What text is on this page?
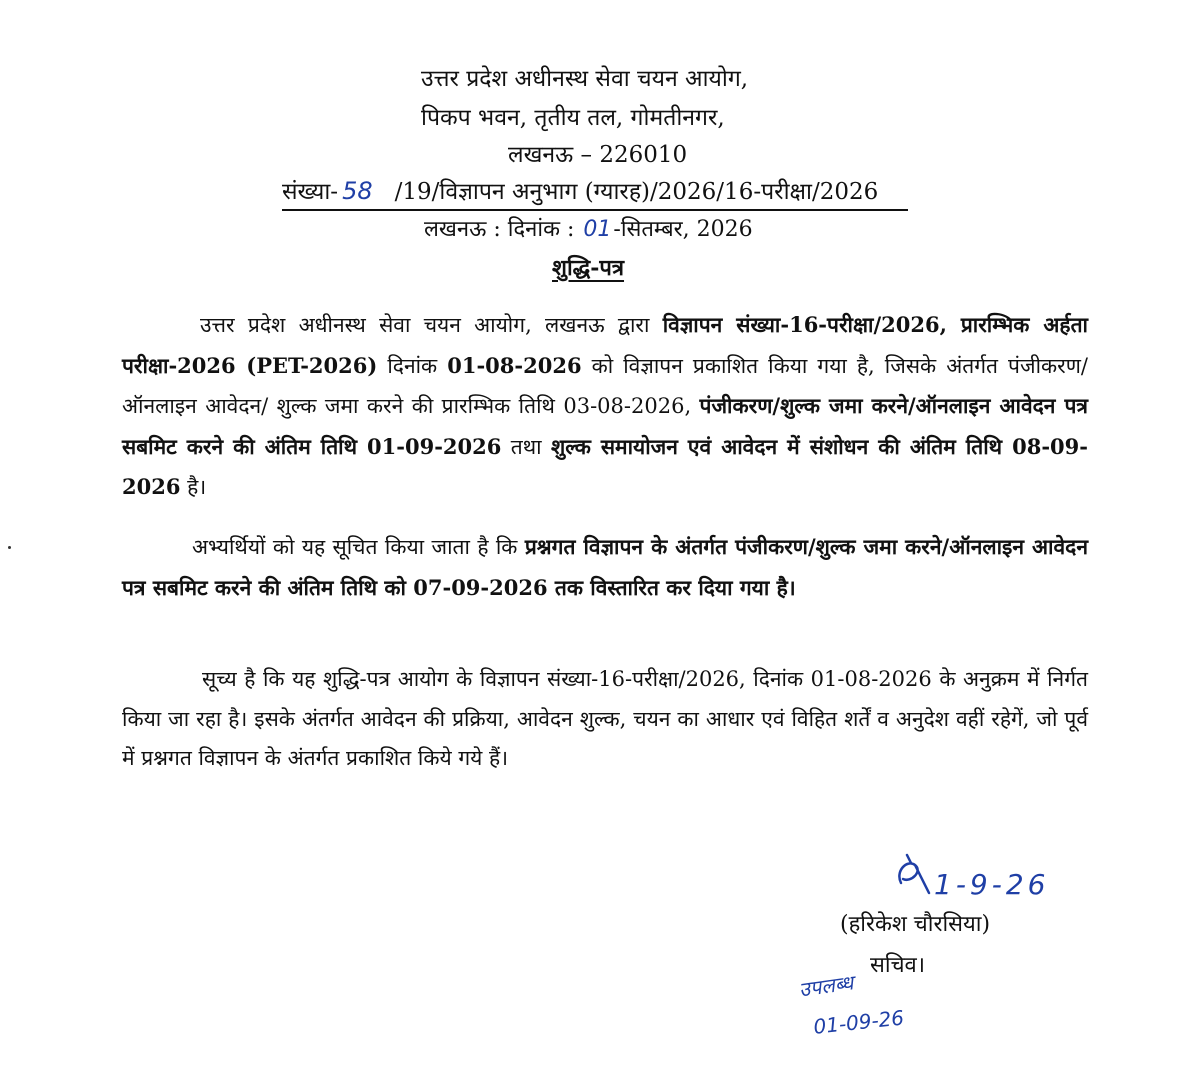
उत्तर प्रदेश अधीनस्थ सेवा चयन आयोग,
पिकप भवन, तृतीय तल, गोमतीनगर,
लखनऊ – 226010
संख्या- 58 /19/विज्ञापन अनुभाग (ग्यारह)/2026/16-परीक्षा/2026
लखनऊ : दिनांक : 01-सितम्बर, 2026
शुद्धि-पत्र

उत्तर प्रदेश अधीनस्थ सेवा चयन आयोग, लखनऊ द्वारा विज्ञापन संख्या-16-परीक्षा/2026, प्रारम्भिक अर्हता परीक्षा-2026 (PET-2026) दिनांक 01-08-2026 को विज्ञापन प्रकाशित किया गया है, जिसके अंतर्गत पंजीकरण/ऑनलाइन आवेदन/ शुल्क जमा करने की प्रारम्भिक तिथि 03-08-2026, पंजीकरण/शुल्क जमा करने/ऑनलाइन आवेदन पत्र सबमिट करने की अंतिम तिथि 01-09-2026 तथा शुल्क समायोजन एवं आवेदन में संशोधन की अंतिम तिथि 08-09-2026 है।

अभ्यर्थियों को यह सूचित किया जाता है कि प्रश्नगत विज्ञापन के अंतर्गत पंजीकरण/शुल्क जमा करने/ऑनलाइन आवेदन पत्र सबमिट करने की अंतिम तिथि को 07-09-2026 तक विस्तारित कर दिया गया है।

सूच्य है कि यह शुद्धि-पत्र आयोग के विज्ञापन संख्या-16-परीक्षा/2026, दिनांक 01-08-2026 के अनुक्रम में निर्गत किया जा रहा है। इसके अंतर्गत आवेदन की प्रक्रिया, आवेदन शुल्क, चयन का आधार एवं विहित शर्तें व अनुदेश वहीं रहेगें, जो पूर्व में प्रश्नगत विज्ञापन के अंतर्गत प्रकाशित किये गये हैं।

1-9-26
(हरिकेश चौरसिया)
सचिव।
उपलब्ध
01-09-26
